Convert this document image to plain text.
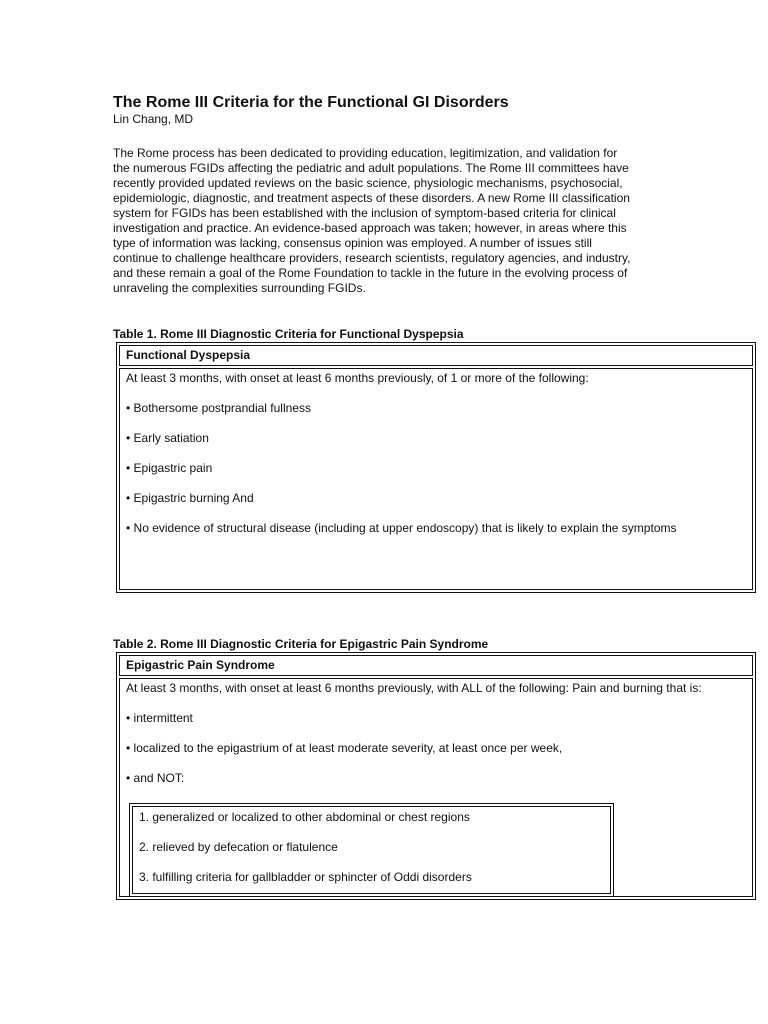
The Rome III Criteria for the Functional GI Disorders
Lin Chang, MD
The Rome process has been dedicated to providing education, legitimization, and validation for
the numerous FGIDs affecting the pediatric and adult populations. The Rome III committees have
recently provided updated reviews on the basic science, physiologic mechanisms, psychosocial,
epidemiologic, diagnostic, and treatment aspects of these disorders. A new Rome III classification
system for FGIDs has been established with the inclusion of symptom-based criteria for clinical
investigation and practice. An evidence-based approach was taken; however, in areas where this
type of information was lacking, consensus opinion was employed. A number of issues still
continue to challenge healthcare providers, research scientists, regulatory agencies, and industry,
and these remain a goal of the Rome Foundation to tackle in the future in the evolving process of
unraveling the complexities surrounding FGIDs.
Table 1. Rome III Diagnostic Criteria for Functional Dyspepsia
Functional Dyspepsia

At least 3 months, with onset at least 6 months previously, of 1 or more of the following:

• Bothersome postprandial fullness

• Early satiation

• Epigastric pain

• Epigastric burning And

• No evidence of structural disease (including at upper endoscopy) that is likely to explain the symptoms

Table 2. Rome III Diagnostic Criteria for Epigastric Pain Syndrome
Epigastric Pain Syndrome

At least 3 months, with onset at least 6 months previously, with ALL of the following: Pain and burning that is:

• intermittent

• localized to the epigastrium of at least moderate severity, at least once per week,

• and NOT:

1. generalized or localized to other abdominal or chest regions

2. relieved by defecation or flatulence

3. fulfilling criteria for gallbladder or sphincter of Oddi disorders
